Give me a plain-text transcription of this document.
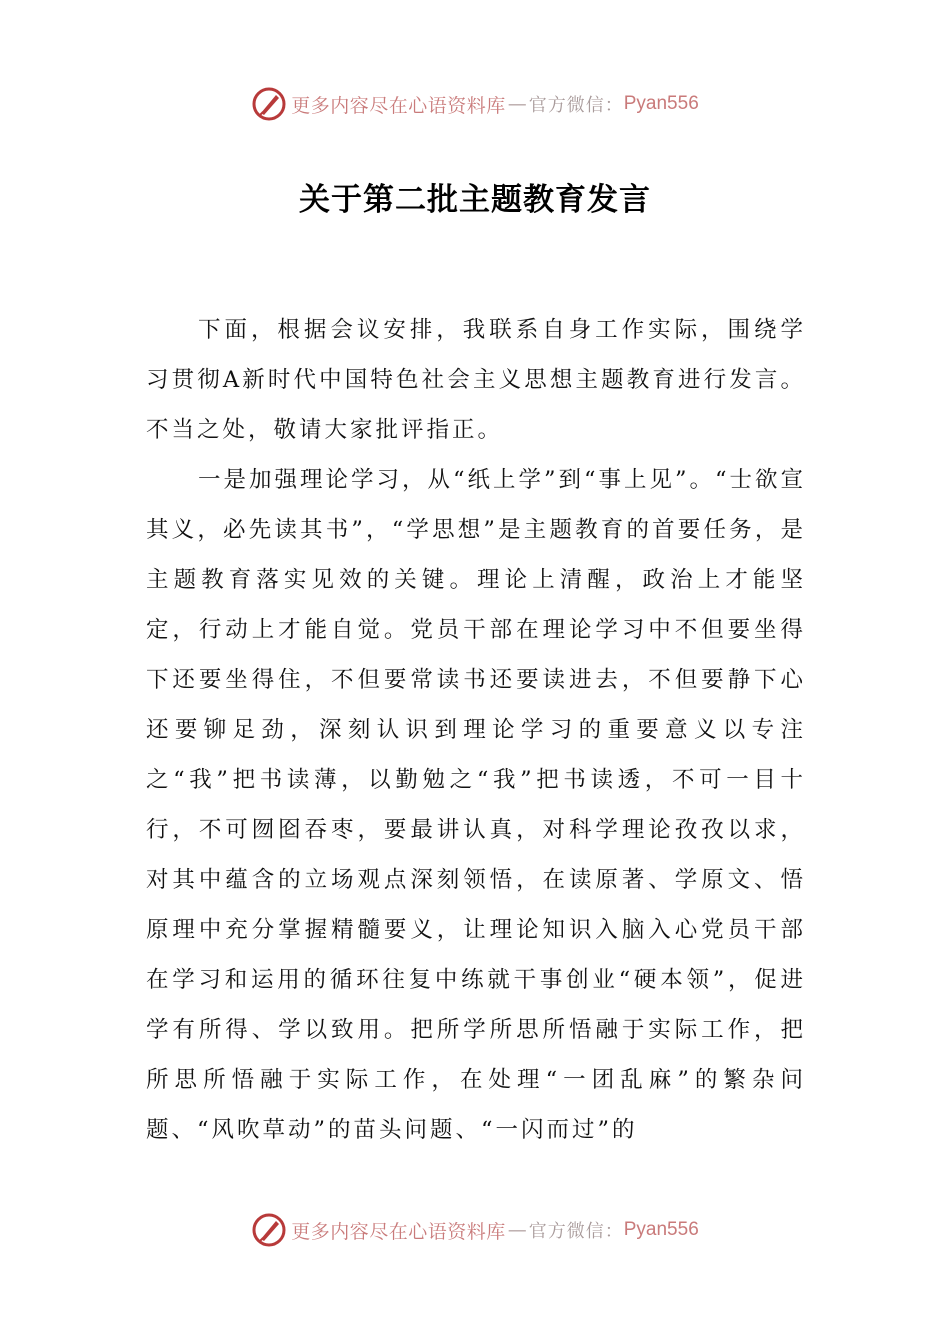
更多内容尽在心语资料库 — 官方微信： Pyan556
关于第二批主题教育发言

下面，根据会议安排，我联系自身工作实际，围绕学习贯彻A新时代中国特色社会主义思想主题教育进行发言。不当之处，敬请大家批评指正。

一是加强理论学习，从“纸上学”到“事上见”。“士欲宣其义，必先读其书”，“学思想”是主题教育的首要任务，是主题教育落实见效的关键。理论上清醒，政治上才能坚定，行动上才能自觉。党员干部在理论学习中不但要坐得下还要坐得住，不但要常读书还要读进去，不但要静下心还要铆足劲，深刻认识到理论学习的重要意义以专注之“我”把书读薄，以勤勉之“我”把书读透，不可一目十行，不可囫囵吞枣，要最讲认真，对科学理论孜孜以求，对其中蕴含的立场观点深刻领悟，在读原著、学原文、悟原理中充分掌握精髓要义，让理论知识入脑入心党员干部在学习和运用的循环往复中练就干事创业“硬本领”，促进学有所得、学以致用。把所学所思所悟融于实际工作，把所思所悟融于实际工作，在处理“一团乱麻”的繁杂问题、“风吹草动”的苗头问题、“一闪而过”的

更多内容尽在心语资料库 — 官方微信： Pyan556
